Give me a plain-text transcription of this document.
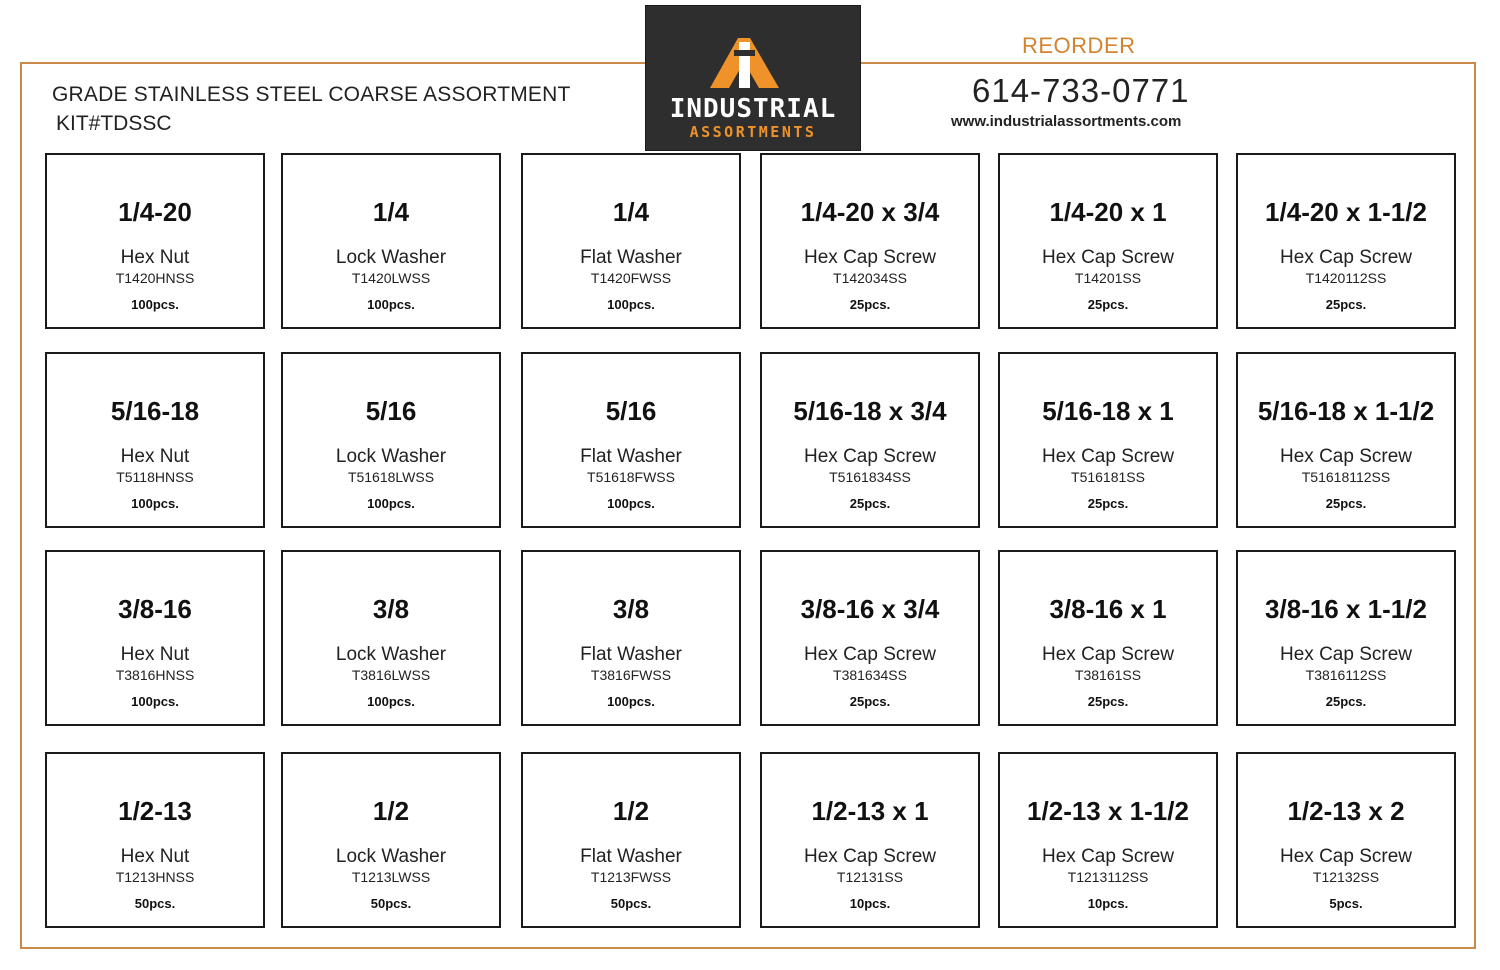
GRADE STAINLESS STEEL COARSE ASSORTMENT
KIT#TDSSC	INDUSTRIAL
ASSORTMENTS
REORDER
614-733-0771
www.industrialassortments.com
1/4-20
Hex Nut
T1420HNSS
100pcs.
1/4
Lock Washer
T1420LWSS
100pcs.
1/4
Flat Washer
T1420FWSS
100pcs.
1/4-20 x 3/4
Hex Cap Screw
T142034SS
25pcs.
1/4-20 x 1
Hex Cap Screw
T14201SS
25pcs.
1/4-20 x 1-1/2
Hex Cap Screw
T1420112SS
25pcs.
5/16-18
Hex Nut
T5118HNSS
100pcs.
5/16
Lock Washer
T51618LWSS
100pcs.
5/16
Flat Washer
T51618FWSS
100pcs.
5/16-18 x 3/4
Hex Cap Screw
T5161834SS
25pcs.
5/16-18 x 1
Hex Cap Screw
T516181SS
25pcs.
5/16-18 x 1-1/2
Hex Cap Screw
T51618112SS
25pcs.
3/8-16
Hex Nut
T3816HNSS
100pcs.
3/8
Lock Washer
T3816LWSS
100pcs.
3/8
Flat Washer
T3816FWSS
100pcs.
3/8-16 x 3/4
Hex Cap Screw
T381634SS
25pcs.
3/8-16 x 1
Hex Cap Screw
T38161SS
25pcs.
3/8-16 x 1-1/2
Hex Cap Screw
T3816112SS
25pcs.
1/2-13
Hex Nut
T1213HNSS
50pcs.
1/2
Lock Washer
T1213LWSS
50pcs.
1/2
Flat Washer
T1213FWSS
50pcs.
1/2-13 x 1
Hex Cap Screw
T12131SS
10pcs.
1/2-13 x 1-1/2
Hex Cap Screw
T1213112SS
10pcs.
1/2-13 x 2
Hex Cap Screw
T12132SS
5pcs.
